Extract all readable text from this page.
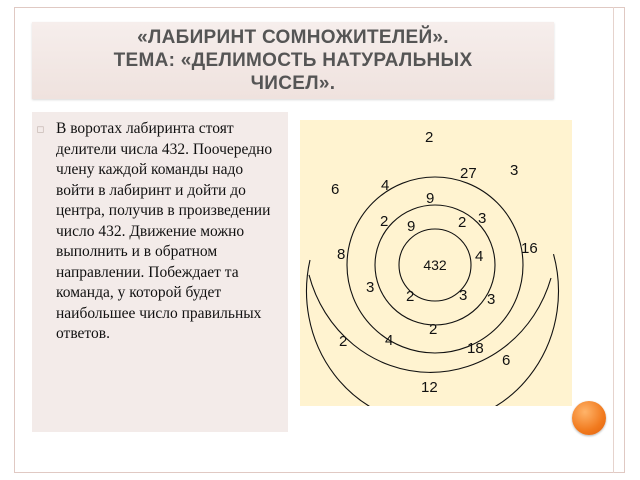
«ЛАБИРИНТ СОМНОЖИТЕЛЕЙ».
ТЕМА: «ДЕЛИМОСТЬ НАТУРАЛЬНЫХ
ЧИСЕЛ».
▫ В воротах лабиринта стоят делители числа 432. Поочередно члену каждой команды надо войти в лабиринт и дойти до центра, получив в произведении число 432. Движение можно выполнить и в обратном направлении. Побеждает та команда, у которой будет наибольшее число правильных ответов.
432
2
3
27
6	4
9
2	3
9	2
16
8	4
3
2	3 3
2
2	4	18
6
12
